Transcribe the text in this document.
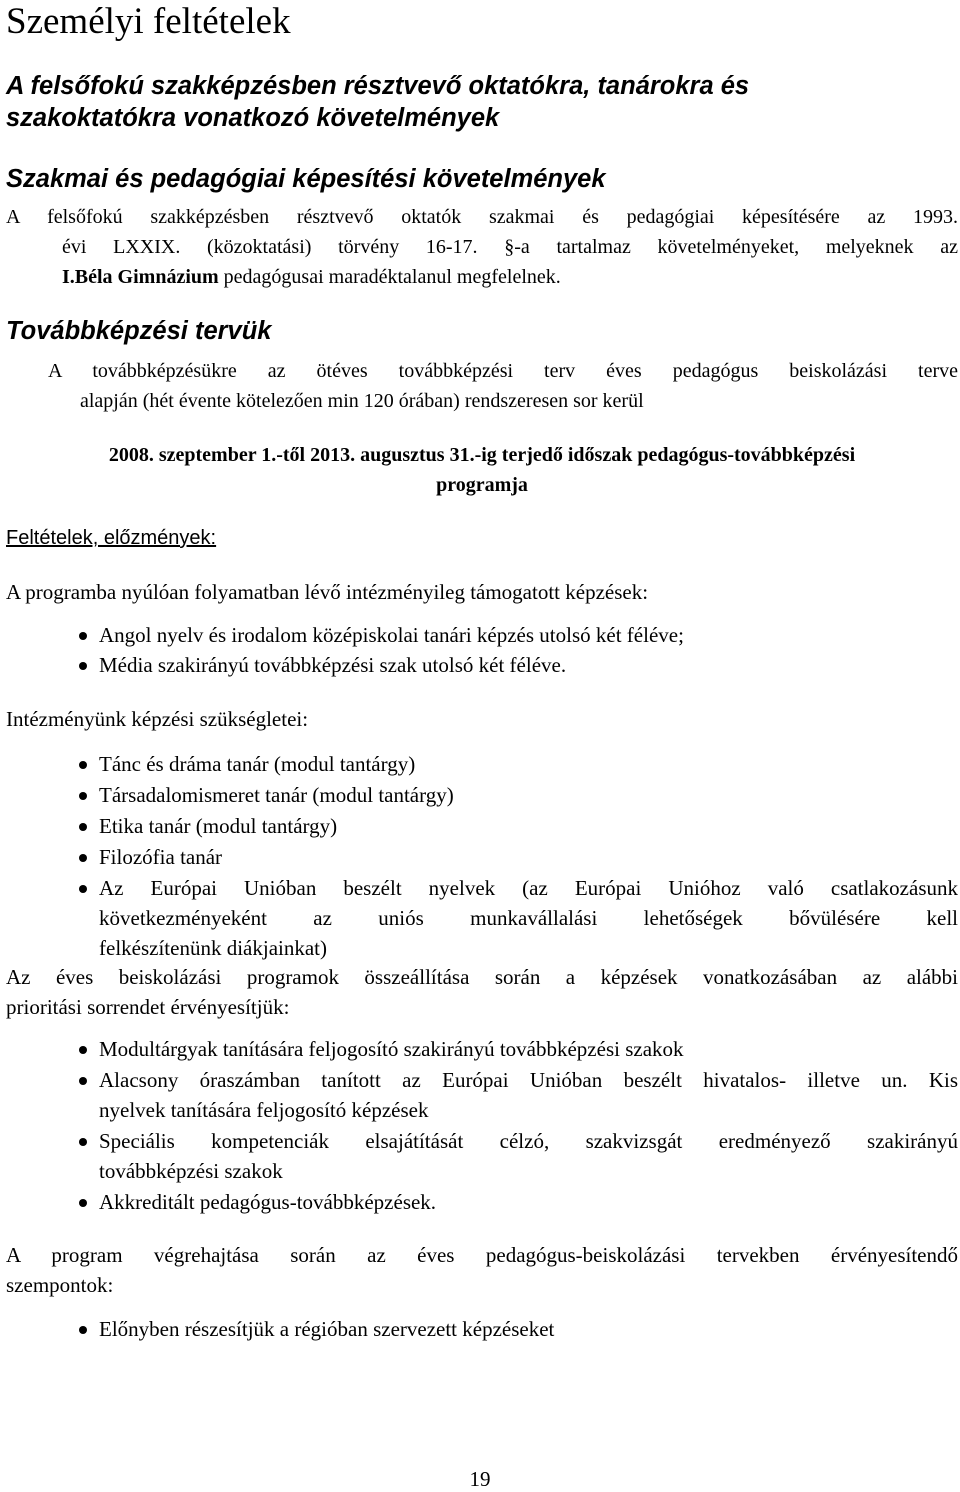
Személyi feltételek
A felsőfokú szakképzésben résztvevő oktatókra, tanárokra és
szakoktatókra vonatkozó követelmények
Szakmai és pedagógiai képesítési követelmények
A felsőfokú szakképzésben résztvevő oktatók szakmai és pedagógiai képesítésére az 1993.
évi LXXIX. (közoktatási) törvény 16-17. §-a tartalmaz követelményeket, melyeknek az
I.Béla Gimnázium pedagógusai maradéktalanul megfelelnek.
Továbbképzési tervük
A továbbképzésükre az ötéves továbbképzési terv éves pedagógus beiskolázási terve
alapján (hét évente kötelezően min 120 órában) rendszeresen sor kerül
2008. szeptember 1.-től 2013. augusztus 31.-ig terjedő időszak pedagógus-továbbképzési
programja
Feltételek, előzmények:
A programba nyúlóan folyamatban lévő intézményileg támogatott képzések:
Angol nyelv és irodalom középiskolai tanári képzés utolsó két féléve;
Média szakirányú továbbképzési szak utolsó két féléve.
Intézményünk képzési szükségletei:
Tánc és dráma tanár (modul tantárgy)
Társadalomismeret tanár (modul tantárgy)
Etika tanár (modul tantárgy)
Filozófia tanár
Az Európai Unióban beszélt nyelvek (az Európai Unióhoz való csatlakozásunk
következményeként az uniós munkavállalási lehetőségek bővülésére kell
felkészítenünk diákjainkat)
Az éves beiskolázási programok összeállítása során a képzések vonatkozásában az alábbi
prioritási sorrendet érvényesítjük:
Modultárgyak tanítására feljogosító szakirányú továbbképzési szakok
Alacsony óraszámban tanított az Európai Unióban beszélt hivatalos- illetve un. Kis
nyelvek tanítására feljogosító képzések
Speciális kompetenciák elsajátítását célzó, szakvizsgát eredményező szakirányú
továbbképzési szakok
Akkreditált pedagógus-továbbképzések.
A program végrehajtása során az éves pedagógus-beiskolázási tervekben érvényesítendő
szempontok:
Előnyben részesítjük a régióban szervezett képzéseket
19
